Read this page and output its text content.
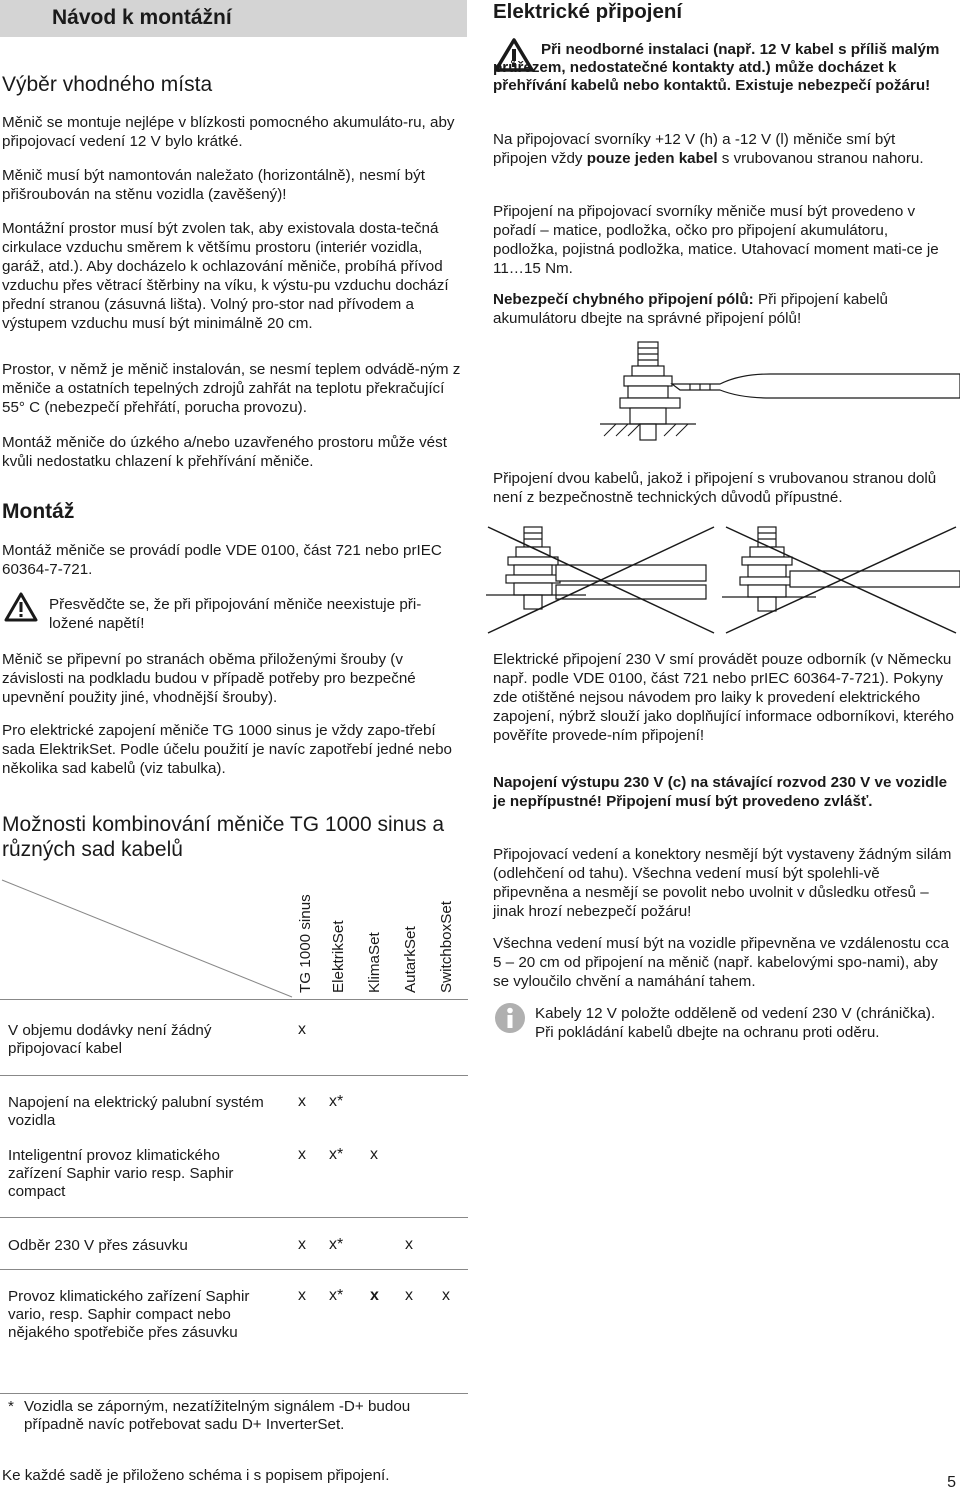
Návod k montážní
Výběr vhodného místa

Měnič se montuje nejlépe v blízkosti pomocného akumuláto-ru, aby připojovací vedení 12 V bylo krátké.

Měnič musí být namontován naležato (horizontálně), nesmí být přišroubován na stěnu vozidla (zavěšený)!

Montážní prostor musí být zvolen tak, aby existovala dosta-tečná cirkulace vzduchu směrem k většímu prostoru (interiér vozidla, garáž, atd.). Aby docházelo k ochlazování měniče, probíhá přívod vzduchu přes větrací štěrbiny na víku, k výstu-pu vzduchu dochází přední stranou (zásuvná lišta). Volný pro-stor nad přívodem a výstupem vzduchu musí být minimálně 20 cm.

Prostor, v němž je měnič instalován, se nesmí teplem odvádě-ným z měniče a ostatních tepelných zdrojů zahřát na teplotu překračující 55° C (nebezpečí přehřátí, porucha provozu).

Montáž měniče do úzkého a/nebo uzavřeného prostoru může vést kvůli nedostatku chlazení k přehřívání měniče.

Montáž

Montáž měniče se provádí podle VDE 0100, část 721 nebo prIEC 60364-7-721.

Přesvědčte se, že při připojování měniče neexistuje při-ložené napětí!

Měnič se připevní po stranách oběma přiloženými šrouby (v závislosti na podkladu budou v případě potřeby pro bezpečné upevnění použity jiné, vhodnější šrouby).

Pro elektrické zapojení měniče TG 1000 sinus je vždy zapo-třebí sada ElektrikSet. Podle účelu použití je navíc zapotřebí jedné nebo několika sad kabelů (viz tabulka).

Možnosti kombinování měniče TG 1000 sinus a různých sad kabelů
TG 1000 sinus ElektrikSet KlimaSet AutarkSet SwitchboxSet
V objemu dodávky není žádný připojovací kabel
x
Napojení na elektrický palubní systém vozidla
x x*
Inteligentní provoz klimatického zařízení Saphir vario resp. Saphir compact
x x* x
Odběr 230 V přes zásuvku	x x*	x
Provoz klimatického zařízení Saphir vario, resp. Saphir compact nebo nějakého spotřebiče přes zásuvku
x x* x x x
* Vozidla se záporným, nezatížitelným signálem -D+ budou případně navíc potřebovat sadu D+ InverterSet.

Ke každé sadě je přiloženo schéma i s popisem připojení.

Elektrické připojení

Při neodborné instalaci (např. 12 V kabel s příliš malým průřezem, nedostatečné kontakty atd.) může docházet k přehřívání kabelů nebo kontaktů. Existuje nebezpečí požáru!

Na připojovací svorníky +12 V (h) a -12 V (l) měniče smí být připojen vždy pouze jeden kabel s vrubovanou stranou nahoru.

Připojení na připojovací svorníky měniče musí být provedeno v pořadí – matice, podložka, očko pro připojení akumulátoru, podložka, pojistná podložka, matice. Utahovací moment mati-ce je 11…15 Nm.

Nebezpečí chybného připojení pólů: Při připojení kabelů akumulátoru dbejte na správné připojení pólů!

Připojení dvou kabelů, jakož i připojení s vrubovanou stranou dolů není z bezpečnostně technických důvodů přípustné.

Elektrické připojení 230 V smí provádět pouze odborník (v Německu např. podle VDE 0100, část 721 nebo prIEC 60364-7-721). Pokyny zde otištěné nejsou návodem pro laiky k provedení elektrického zapojení, nýbrž slouží jako doplňující informace odborníkovi, kterého pověříte provede-ním připojení!

Napojení výstupu 230 V (c) na stávající rozvod 230 V ve vozidle je nepřípustné! Připojení musí být provedeno zvlášť.

Připojovací vedení a konektory nesmějí být vystaveny žádným silám (odlehčení od tahu). Všechna vedení musí být spolehli-vě připevněna a nesmějí se povolit nebo uvolnit v důsledku otřesů – jinak hrozí nebezpečí požáru!

Všechna vedení musí být na vozidle připevněna ve vzdálenostu cca 5 – 20 cm od připojení na měnič (např. kabelovými spo-nami), aby se vyloučilo chvění a namáhání tahem.

Kabely 12 V položte odděleně od vedení 230 V (chránička). Při pokládání kabelů dbejte na ochranu proti oděru.

5
